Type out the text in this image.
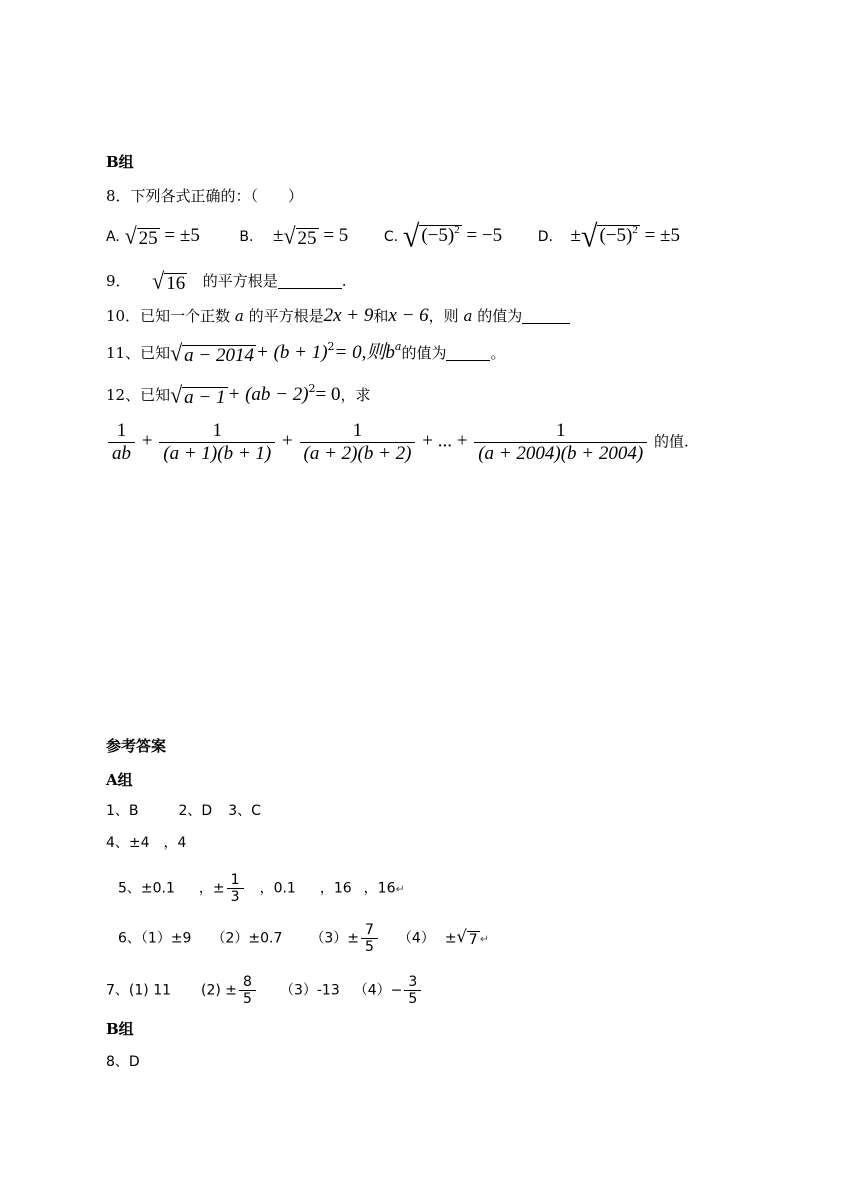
B组
8．下列各式正确的：（　　）
A. √ 25 = ±5	B. ± √ 25 = 5	C. √ $(-5)^2 = -5$	D. ± √ $(-5)^2 = \pm 5$
9． √ 16 的平方根是	.
10．已知一个正数 a 的平方根是2x + 9和x − 6，则 a 的值为
11、已知 √ $a - 2014 + (b + 1)^2= 0$,则$b^a$的值为	。
12、已知 √ a − 1 + (ab − 2)$^2$= 0，求
$\frac{1}{ab} + \frac{1}{(a + 1)(b + 1)} + \frac{1}{(a + 2)(b + 2)}$ + ... + $\frac{1}{(a + 2004)(b + 2004)}$ 的值.
参考答案
A组
1、B	2、D 3、C
4、±4 ，4
5、±0.1 ，± $\frac{1}{3}$ ，0.1 ，16 ，16↵
6、（1）±9 （2）±0.7 $(3)\pm \frac{7}{5} (4)$ ± √ 7 ↵
7、(1) 11 $(2) \pm \frac{8}{5} (3)-13$ $(4)- \frac{3}{5}$
B组
8、D
